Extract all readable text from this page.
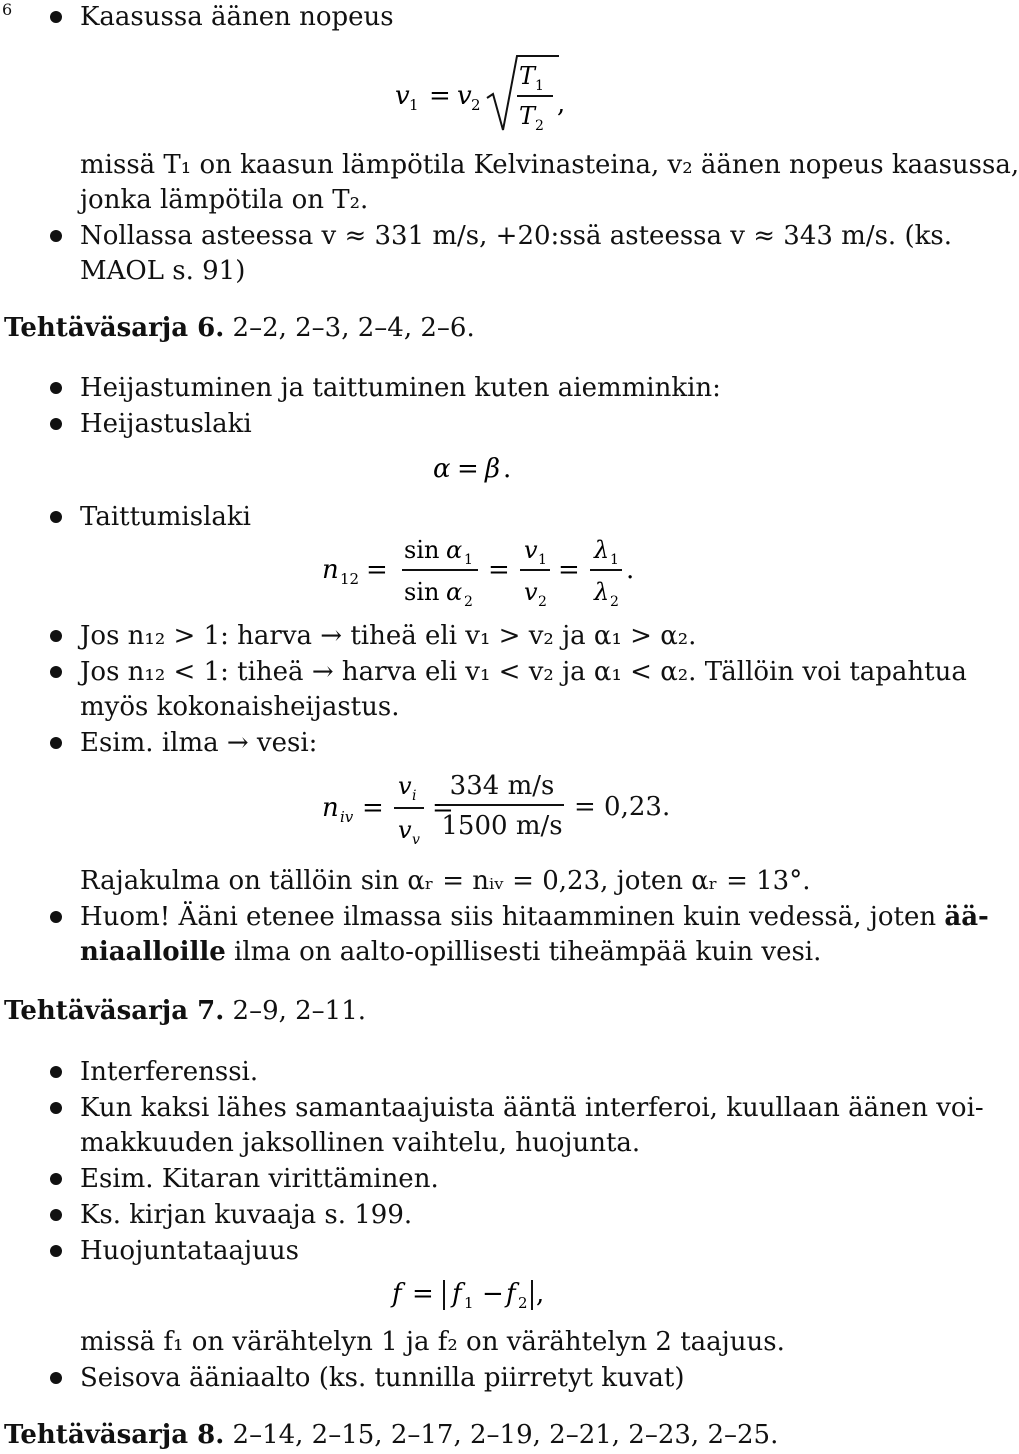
6	Kaasussa äänen nopeus
v 1 = v 2
T 1
T 2
,
missä T₁ on kaasun lämpötila Kelvinasteina, v₂ äänen nopeus kaasussa,
jonka lämpötila on T₂.
Nollassa asteessa v ≈ 331 m/s, +20:ssä asteessa v ≈ 343 m/s. (ks.
MAOL s. 91)
Tehtäväsarja 6. 2–2, 2–3, 2–4, 2–6.
Heijastuminen ja taittuminen kuten aiemminkin:
Heijastuslaki
α = β .
Taittumislaki
n 12 =
sin α 1
sin α 2
=
v 1
v 2
=
λ 1
λ 2
.
Jos n₁₂ > 1: harva → tiheä eli v₁ > v₂ ja α₁ > α₂.
Jos n₁₂ < 1: tiheä → harva eli v₁ < v₂ ja α₁ < α₂. Tällöin voi tapahtua
myös kokonaisheijastus.
Esim. ilma → vesi:
n iv =
v i
v v
=
$\frac{334 m/s}{1500 m/s} = 0,23$.
Rajakulma on tällöin sin αᵣ = nᵢᵥ = 0,23, joten αᵣ = 13°.
Huom! Ääni etenee ilmassa siis hitaamminen kuin vedessä, joten ää-
niaalloille ilma on aalto-opillisesti tiheämpää kuin vesi.
Tehtäväsarja 7. 2–9, 2–11.
Interferenssi.
Kun kaksi lähes samantaajuista ääntä interferoi, kuullaan äänen voi-
makkuuden jaksollinen vaihtelu, huojunta.
Esim. Kitaran virittäminen.
Ks. kirjan kuvaaja s. 199.
Huojuntataajuus
f = f 1 − f 2 ,
missä f₁ on värähtelyn 1 ja f₂ on värähtelyn 2 taajuus.
Seisova ääniaalto (ks. tunnilla piirretyt kuvat)
Tehtäväsarja 8. 2–14, 2–15, 2–17, 2–19, 2–21, 2–23, 2–25.
